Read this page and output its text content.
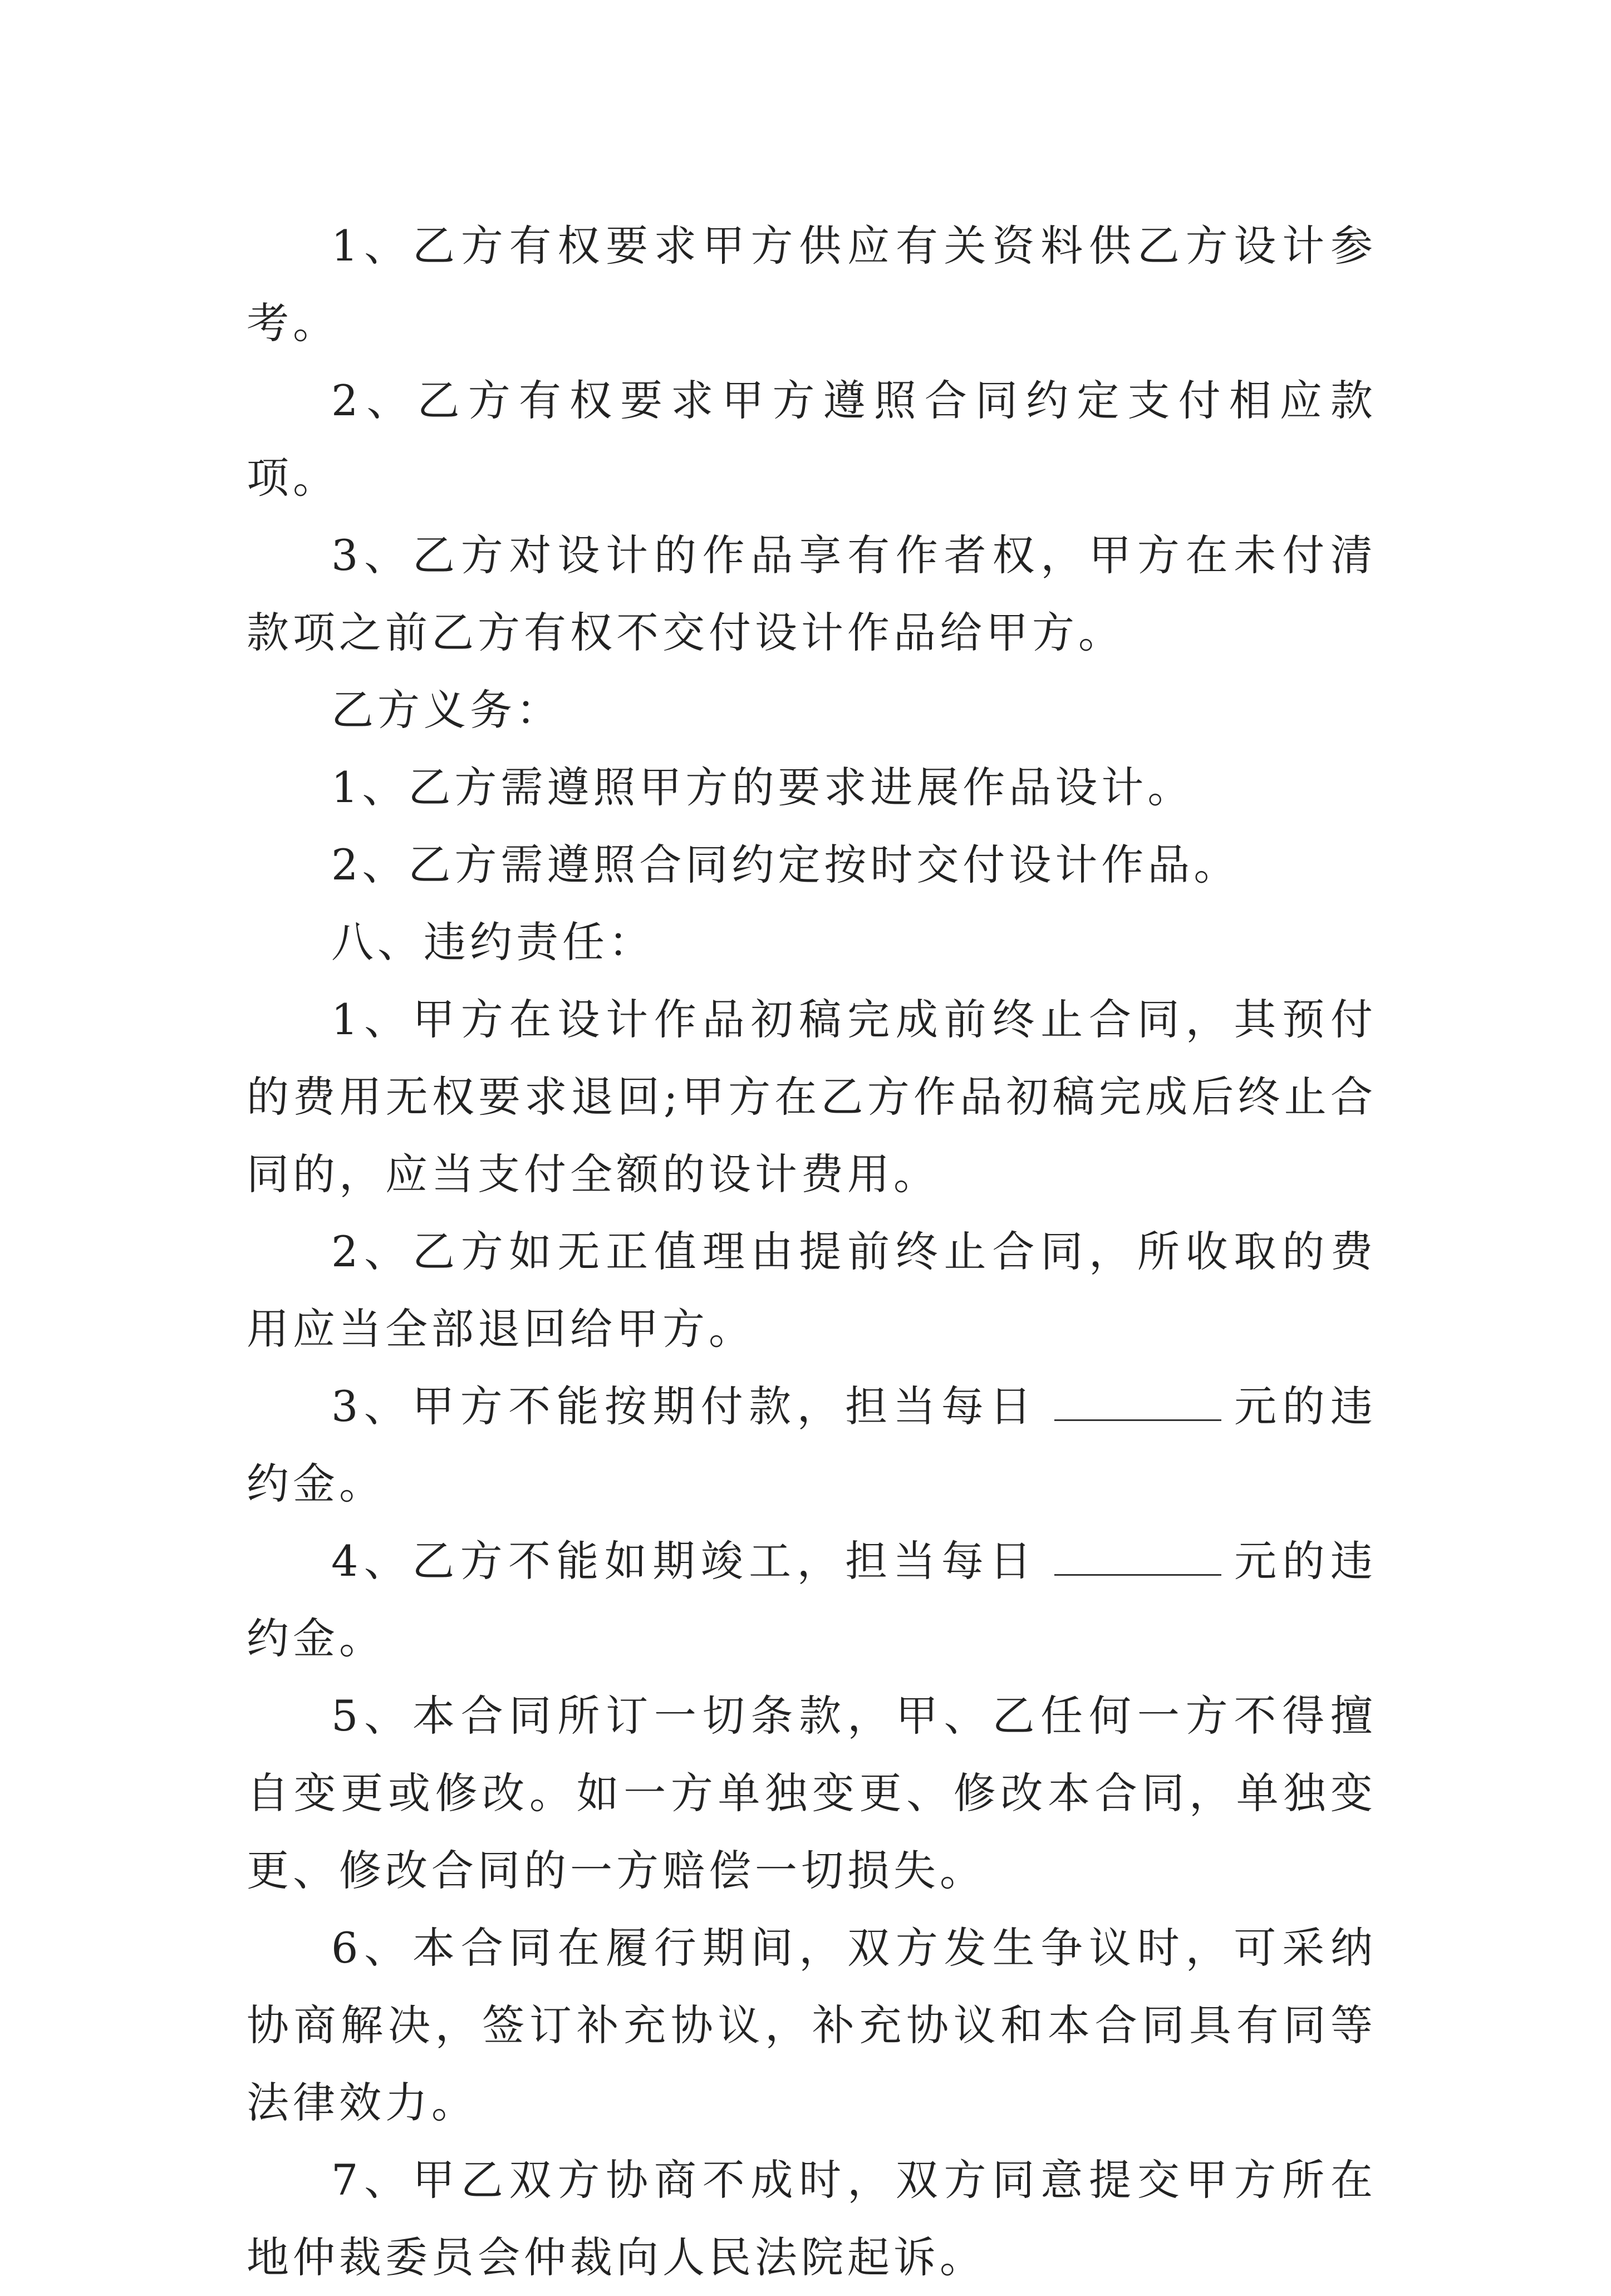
1、乙方有权要求甲方供应有关资料供乙方设计参考。

2、乙方有权要求甲方遵照合同约定支付相应款项。

3、乙方对设计的作品享有作者权，甲方在未付清款项之前乙方有权不交付设计作品给甲方。

乙方义务：

1、乙方需遵照甲方的要求进展作品设计。

2、乙方需遵照合同约定按时交付设计作品。

八、违约责任：

1、甲方在设计作品初稿完成前终止合同，其预付的费用无权要求退回;甲方在乙方作品初稿完成后终止合同的，应当支付全额的设计费用。

2、乙方如无正值理由提前终止合同，所收取的费用应当全部退回给甲方。

3、甲方不能按期付款，担当每日	元的违约金。

4、乙方不能如期竣工，担当每日	元的违约金。

5、本合同所订一切条款，甲、乙任何一方不得擅自变更或修改。如一方单独变更、修改本合同，单独变更、修改合同的一方赔偿一切损失。

6、本合同在履行期间，双方发生争议时，可采纳协商解决，签订补充协议，补充协议和本合同具有同等法律效力。

7、甲乙双方协商不成时，双方同意提交甲方所在地仲裁委员会仲裁向人民法院起诉。
